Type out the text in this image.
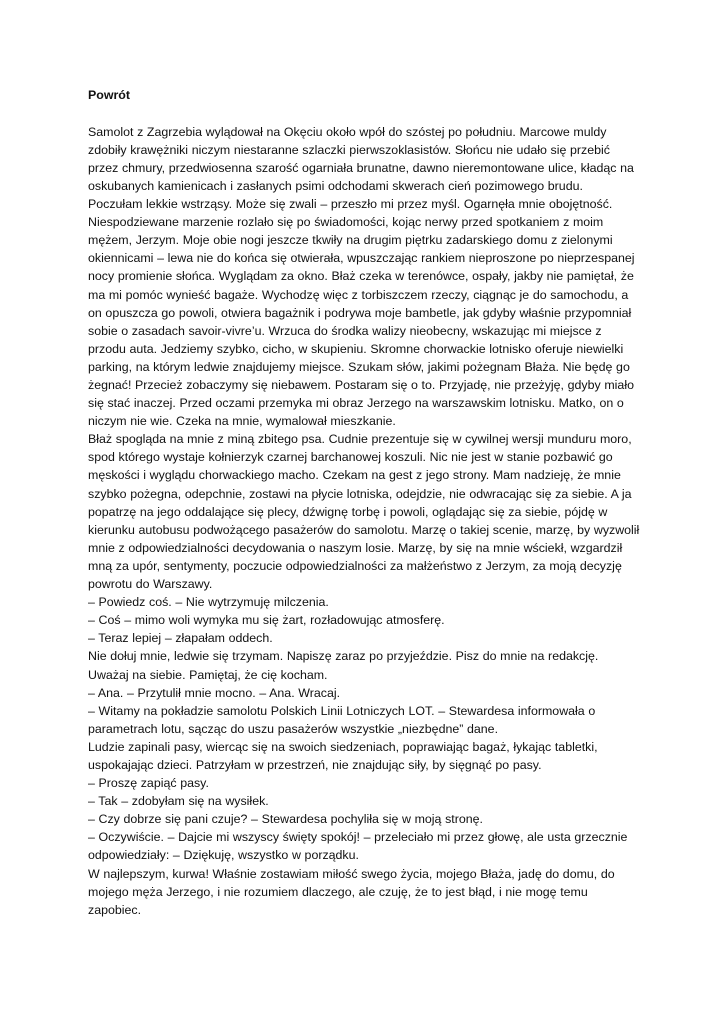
Powrót

Samolot z Zagrzebia wylądował na Okęciu około wpół do szóstej po południu. Marcowe muldy zdobiły krawężniki niczym niestaranne szlaczki pierwszoklasistów. Słońcu nie udało się przebić przez chmury, przedwiosenna szarość ogarniała brunatne, dawno nieremontowane ulice, kładąc na oskubanych kamienicach i zasłanych psimi odchodami skwerach cień pozimowego brudu. Poczułam lekkie wstrząsy. Może się zwali – przeszło mi przez myśl. Ogarnęła mnie obojętność. Niespodziewane marzenie rozlało się po świadomości, kojąc nerwy przed spotkaniem z moim mężem, Jerzym. Moje obie nogi jeszcze tkwiły na drugim piętrku zadarskiego domu z zielonymi okiennicami – lewa nie do końca się otwierała, wpuszczając rankiem nieproszone po nieprzespanej nocy promienie słońca. Wyglądam za okno. Błaż czeka w terenówce, ospały, jakby nie pamiętał, że ma mi pomóc wynieść bagaże. Wychodzę więc z torbiszczem rzeczy, ciągnąc je do samochodu, a on opuszcza go powoli, otwiera bagażnik i podrywa moje bambetle, jak gdyby właśnie przypomniał sobie o zasadach savoir-vivre’u. Wrzuca do środka walizy nieobecny, wskazując mi miejsce z przodu auta. Jedziemy szybko, cicho, w skupieniu. Skromne chorwackie lotnisko oferuje niewielki parking, na którym ledwie znajdujemy miejsce. Szukam słów, jakimi pożegnam Błaża. Nie będę go żegnać! Przecież zobaczymy się niebawem. Postaram się o to. Przyjadę, nie przeżyję, gdyby miało się stać inaczej. Przed oczami przemyka mi obraz Jerzego na warszawskim lotnisku. Matko, on o niczym nie wie. Czeka na mnie, wymalował mieszkanie.

Błaż spogląda na mnie z miną zbitego psa. Cudnie prezentuje się w cywilnej wersji munduru moro, spod którego wystaje kołnierzyk czarnej barchanowej koszuli. Nic nie jest w stanie pozbawić go męskości i wyglądu chorwackiego macho. Czekam na gest z jego strony. Mam nadzieję, że mnie szybko pożegna, odepchnie, zostawi na płycie lotniska, odejdzie, nie odwracając się za siebie. A ja popatrzę na jego oddalające się plecy, dźwignę torbę i powoli, oglądając się za siebie, pójdę w kierunku autobusu podwożącego pasażerów do samolotu. Marzę o takiej scenie, marzę, by wyzwolił mnie z odpowiedzialności decydowania o naszym losie. Marzę, by się na mnie wściekł, wzgardził mną za upór, sentymenty, poczucie odpowiedzialności za małżeństwo z Jerzym, za moją decyzję powrotu do Warszawy.

– Powiedz coś. – Nie wytrzymuję milczenia.

– Coś – mimo woli wymyka mu się żart, rozładowując atmosferę.

– Teraz lepiej – złapałam oddech.

Nie dołuj mnie, ledwie się trzymam. Napiszę zaraz po przyjeździe. Pisz do mnie na redakcję. Uważaj na siebie. Pamiętaj, że cię kocham.

– Ana. – Przytulił mnie mocno. – Ana. Wracaj.

– Witamy na pokładzie samolotu Polskich Linii Lotniczych LOT. – Stewardesa informowała o parametrach lotu, sącząc do uszu pasażerów wszystkie „niezbędne” dane.

Ludzie zapinali pasy, wiercąc się na swoich siedzeniach, poprawiając bagaż, łykając tabletki, uspokajając dzieci. Patrzyłam w przestrzeń, nie znajdując siły, by sięgnąć po pasy.

– Proszę zapiąć pasy.

– Tak – zdobyłam się na wysiłek.

– Czy dobrze się pani czuje? – Stewardesa pochyliła się w moją stronę.

– Oczywiście. – Dajcie mi wszyscy święty spokój! – przeleciało mi przez głowę, ale usta grzecznie odpowiedziały: – Dziękuję, wszystko w porządku.

W najlepszym, kurwa! Właśnie zostawiam miłość swego życia, mojego Błaża, jadę do domu, do mojego męża Jerzego, i nie rozumiem dlaczego, ale czuję, że to jest błąd, i nie mogę temu zapobiec.
